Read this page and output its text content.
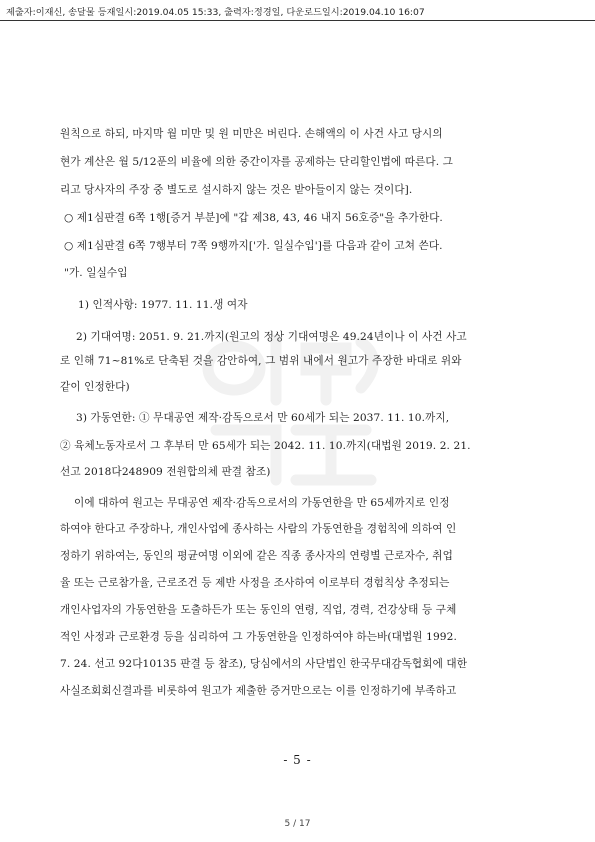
제출자:이재신, 송달물 등재일시:2019.04.05 15:33, 출력자:정경일, 다운로드일시:2019.04.10 16:07
원칙으로 하되, 마지막 월 미만 및 원 미만은 버린다. 손해액의 이 사건 사고 당시의
현가 계산은 월 5/12푼의 비율에 의한 중간이자를 공제하는 단리할인법에 따른다. 그
리고 당사자의 주장 중 별도로 설시하지 않는 것은 받아들이지 않는 것이다].
○ 제1심판결 6쪽 1행[증거 부분]에 "갑 제38, 43, 46 내지 56호증"을 추가한다.
○ 제1심판결 6쪽 7행부터 7쪽 9행까지['가. 일실수입']를 다음과 같이 고쳐 쓴다.
"가. 일실수입
1) 인적사항: 1977. 11. 11.생 여자
2) 기대여명: 2051. 9. 21.까지(원고의 정상 기대여명은 49.24년이나 이 사건 사고
로 인해 71~81%로 단축된 것을 감안하여, 그 범위 내에서 원고가 주장한 바대로 위와
같이 인정한다)
3) 가동연한: ① 무대공연 제작·감독으로서 만 60세가 되는 2037. 11. 10.까지,
② 육체노동자로서 그 후부터 만 65세가 되는 2042. 11. 10.까지(대법원 2019. 2. 21.
선고 2018다248909 전원합의체 판결 참조)
이에 대하여 원고는 무대공연 제작·감독으로서의 가동연한을 만 65세까지로 인정
하여야 한다고 주장하나, 개인사업에 종사하는 사람의 가동연한을 경험칙에 의하여 인
정하기 위하여는, 동인의 평균여명 이외에 같은 직종 종사자의 연령별 근로자수, 취업
율 또는 근로참가율, 근로조건 등 제반 사정을 조사하여 이로부터 경험칙상 추정되는
개인사업자의 가동연한을 도출하든가 또는 동인의 연령, 직업, 경력, 건강상태 등 구체
적인 사정과 근로환경 등을 심리하여 그 가동연한을 인정하여야 하는바(대법원 1992.
7. 24. 선고 92다10135 판결 등 참조), 당심에서의 사단법인 한국무대감독협회에 대한
사실조회회신결과를 비롯하여 원고가 제출한 증거만으로는 이를 인정하기에 부족하고
- 5 -
5 / 17
